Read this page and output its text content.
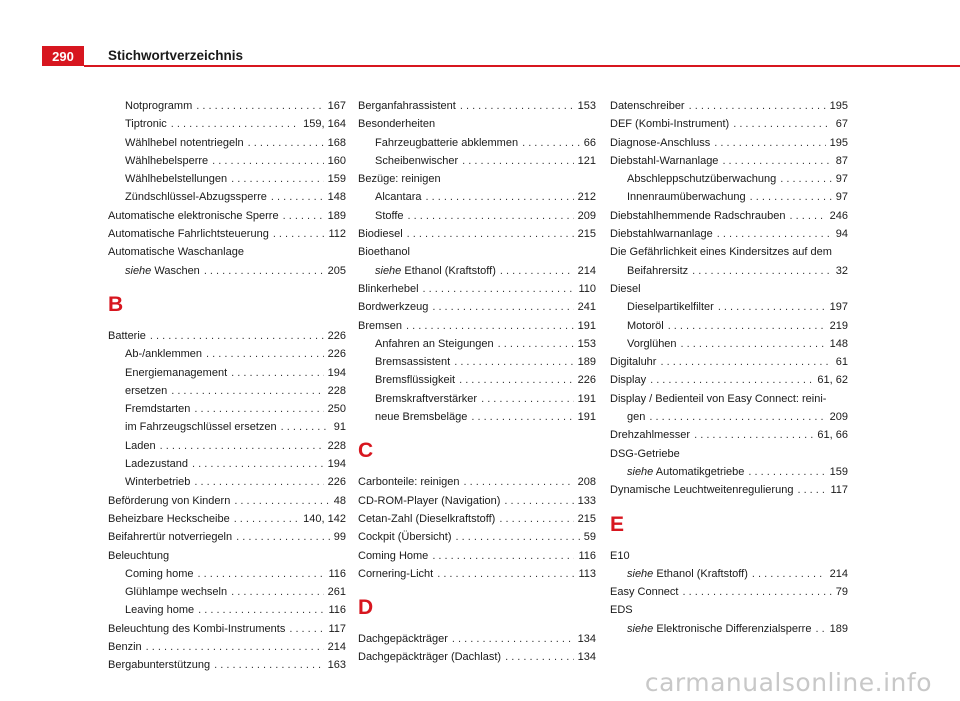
290	Stichwortverzeichnis
Notprogramm . . .	167
Tiptronic . . .	159, 164
Wählhebel notentriegeln . . .	168
Wählhebelsperre . . .	160
Wählhebelstellungen . . .	159
Zündschlüssel-Abzugssperre . . .	148
Automatische elektronische Sperre . . .	189
Automatische Fahrlichtsteuerung . . .	112
Automatische Waschanlage
siehe Waschen . . .	205
B
Batterie . . .	226
Ab-/anklemmen . . .	226
Energiemanagement . . .	194
ersetzen . . .	228
Fremdstarten . . .	250
im Fahrzeugschlüssel ersetzen . . .	91
Laden . . .	228
Ladezustand . . .	194
Winterbetrieb . . .	226
Beförderung von Kindern . . .	48
Beheizbare Heckscheibe . . .	140, 142
Beifahrertür notverriegeln . . .	99
Beleuchtung
Coming home . . .	116
Glühlampe wechseln . . .	261
Leaving home . . .	116
Beleuchtung des Kombi-Instruments . . .	117
Benzin . . .	214
Bergabunterstützung . . .	163
Berganfahrassistent . . .	153
Besonderheiten
Fahrzeugbatterie abklemmen . . .	66
Scheibenwischer . . .	121
Bezüge: reinigen
Alcantara . . .	212
Stoffe . . .	209
Biodiesel . . .	215
Bioethanol
siehe Ethanol (Kraftstoff) . . .	214
Blinkerhebel . . .	110
Bordwerkzeug . . .	241
Bremsen . . .	191
Anfahren an Steigungen . . .	153
Bremsassistent . . .	189
Bremsflüssigkeit . . .	226
Bremskraftverstärker . . .	191
neue Bremsbeläge . . .	191
C
Carbonteile: reinigen . . .	208
CD-ROM-Player (Navigation) . . .	133
Cetan-Zahl (Dieselkraftstoff) . . .	215
Cockpit (Übersicht) . . .	59
Coming Home . . .	116
Cornering-Licht . . .	113
D
Dachgepäckträger . . .	134
Dachgepäckträger (Dachlast) . . .	134
Datenschreiber . . .	195
DEF (Kombi-Instrument) . . .	67
Diagnose-Anschluss . . .	195
Diebstahl-Warnanlage . . .	87
Abschleppschutzüberwachung . . .	97
Innenraumüberwachung . . .	97
Diebstahlhemmende Radschrauben . . .	246
Diebstahlwarnanlage . . .	94
Die Gefährlichkeit eines Kindersitzes auf dem
Beifahrersitz . . .	32
Diesel
Dieselpartikelfilter . . .	197
Motoröl . . .	219
Vorglühen . . .	148
Digitaluhr . . .	61
Display . . .	61, 62
Display / Bedienteil von Easy Connect: reini-
gen . . .	209
Drehzahlmesser . . .	61, 66
DSG-Getriebe
siehe Automatikgetriebe . . .	159
Dynamische Leuchtweitenregulierung . . .	117
E
E10
siehe Ethanol (Kraftstoff) . . .	214
Easy Connect . . .	79
EDS
siehe Elektronische Differenzialsperre . . . 189
carmanualsonline.info
